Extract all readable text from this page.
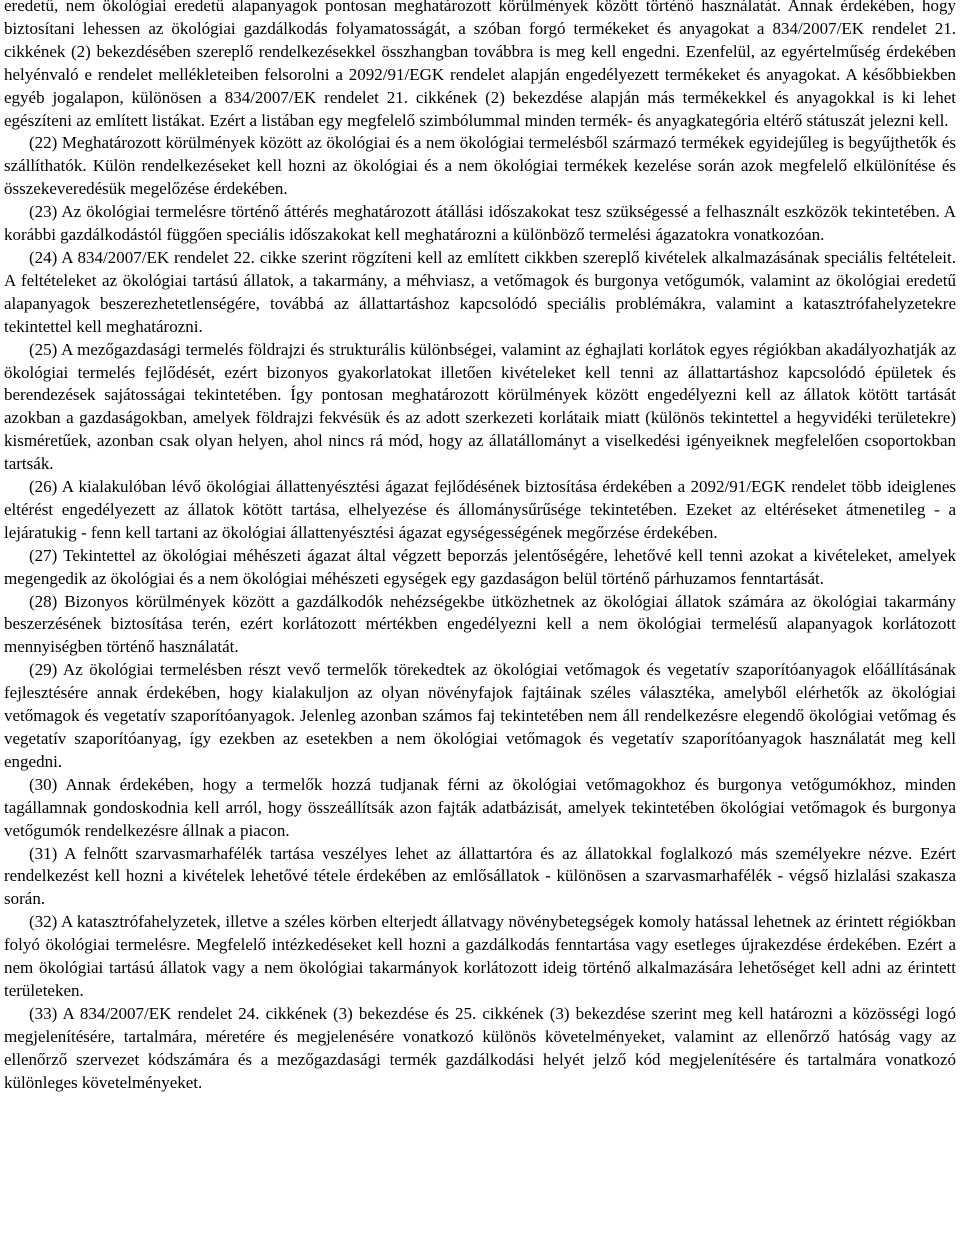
eredetű, nem ökológiai eredetű alapanyagok pontosan meghatározott körülmények között történő használatát. Annak érdekében, hogy biztosítani lehessen az ökológiai gazdálkodás folyamatosságát, a szóban forgó termékeket és anyagokat a 834/2007/EK rendelet 21. cikkének (2) bekezdésében szereplő rendelkezésekkel összhangban továbbra is meg kell engedni. Ezenfelül, az egyértelműség érdekében helyénvaló e rendelet mellékleteiben felsorolni a 2092/91/EGK rendelet alapján engedélyezett termékeket és anyagokat. A későbbiekben egyéb jogalapon, különösen a 834/2007/EK rendelet 21. cikkének (2) bekezdése alapján más termékekkel és anyagokkal is ki lehet egészíteni az említett listákat. Ezért a listában egy megfelelő szimbólummal minden termék- és anyagkategória eltérő státuszát jelezni kell.

(22) Meghatározott körülmények között az ökológiai és a nem ökológiai termelésből származó termékek egyidejűleg is begyűjthetők és szállíthatók. Külön rendelkezéseket kell hozni az ökológiai és a nem ökológiai termékek kezelése során azok megfelelő elkülönítése és összekeveredésük megelőzése érdekében.

(23) Az ökológiai termelésre történő áttérés meghatározott átállási időszakokat tesz szükségessé a felhasznált eszközök tekintetében. A korábbi gazdálkodástól függően speciális időszakokat kell meghatározni a különböző termelési ágazatokra vonatkozóan.

(24) A 834/2007/EK rendelet 22. cikke szerint rögzíteni kell az említett cikkben szereplő kivételek alkalmazásának speciális feltételeit. A feltételeket az ökológiai tartású állatok, a takarmány, a méhviasz, a vetőmagok és burgonya vetőgumók, valamint az ökológiai eredetű alapanyagok beszerezhetetlenségére, továbbá az állattartáshoz kapcsolódó speciális problémákra, valamint a katasztrófahelyzetekre tekintettel kell meghatározni.

(25) A mezőgazdasági termelés földrajzi és strukturális különbségei, valamint az éghajlati korlátok egyes régiókban akadályozhatják az ökológiai termelés fejlődését, ezért bizonyos gyakorlatokat illetően kivételeket kell tenni az állattartáshoz kapcsolódó épületek és berendezések sajátosságai tekintetében. Így pontosan meghatározott körülmények között engedélyezni kell az állatok kötött tartását azokban a gazdaságokban, amelyek földrajzi fekvésük és az adott szerkezeti korlátaik miatt (különös tekintettel a hegyvidéki területekre) kisméretűek, azonban csak olyan helyen, ahol nincs rá mód, hogy az állatállományt a viselkedési igényeiknek megfelelően csoportokban tartsák.

(26) A kialakulóban lévő ökológiai állattenyésztési ágazat fejlődésének biztosítása érdekében a 2092/91/EGK rendelet több ideiglenes eltérést engedélyezett az állatok kötött tartása, elhelyezése és állománysűrűsége tekintetében. Ezeket az eltéréseket átmenetileg - a lejáratukig - fenn kell tartani az ökológiai állattenyésztési ágazat egységességének megőrzése érdekében.

(27) Tekintettel az ökológiai méhészeti ágazat által végzett beporzás jelentőségére, lehetővé kell tenni azokat a kivételeket, amelyek megengedik az ökológiai és a nem ökológiai méhészeti egységek egy gazdaságon belül történő párhuzamos fenntartását.

(28) Bizonyos körülmények között a gazdálkodók nehézségekbe ütközhetnek az ökológiai állatok számára az ökológiai takarmány beszerzésének biztosítása terén, ezért korlátozott mértékben engedélyezni kell a nem ökológiai termelésű alapanyagok korlátozott mennyiségben történő használatát.

(29) Az ökológiai termelésben részt vevő termelők törekedtek az ökológiai vetőmagok és vegetatív szaporítóanyagok előállításának fejlesztésére annak érdekében, hogy kialakuljon az olyan növényfajok fajtáinak széles választéka, amelyből elérhetők az ökológiai vetőmagok és vegetatív szaporítóanyagok. Jelenleg azonban számos faj tekintetében nem áll rendelkezésre elegendő ökológiai vetőmag és vegetatív szaporítóanyag, így ezekben az esetekben a nem ökológiai vetőmagok és vegetatív szaporítóanyagok használatát meg kell engedni.

(30) Annak érdekében, hogy a termelők hozzá tudjanak férni az ökológiai vetőmagokhoz és burgonya vetőgumókhoz, minden tagállamnak gondoskodnia kell arról, hogy összeállítsák azon fajták adatbázisát, amelyek tekintetében ökológiai vetőmagok és burgonya vetőgumók rendelkezésre állnak a piacon.

(31) A felnőtt szarvasmarhafélék tartása veszélyes lehet az állattartóra és az állatokkal foglalkozó más személyekre nézve. Ezért rendelkezést kell hozni a kivételek lehetővé tétele érdekében az emlősállatok - különösen a szarvasmarhafélék - végső hizlalási szakasza során.

(32) A katasztrófahelyzetek, illetve a széles körben elterjedt állatvagy növénybetegségek komoly hatással lehetnek az érintett régiókban folyó ökológiai termelésre. Megfelelő intézkedéseket kell hozni a gazdálkodás fenntartása vagy esetleges újrakezdése érdekében. Ezért a nem ökológiai tartású állatok vagy a nem ökológiai takarmányok korlátozott ideig történő alkalmazására lehetőséget kell adni az érintett területeken.

(33) A 834/2007/EK rendelet 24. cikkének (3) bekezdése és 25. cikkének (3) bekezdése szerint meg kell határozni a közösségi logó megjelenítésére, tartalmára, méretére és megjelenésére vonatkozó különös követelményeket, valamint az ellenőrző hatóság vagy az ellenőrző szervezet kódszámára és a mezőgazdasági termék gazdálkodási helyét jelző kód megjelenítésére és tartalmára vonatkozó különleges követelményeket.
